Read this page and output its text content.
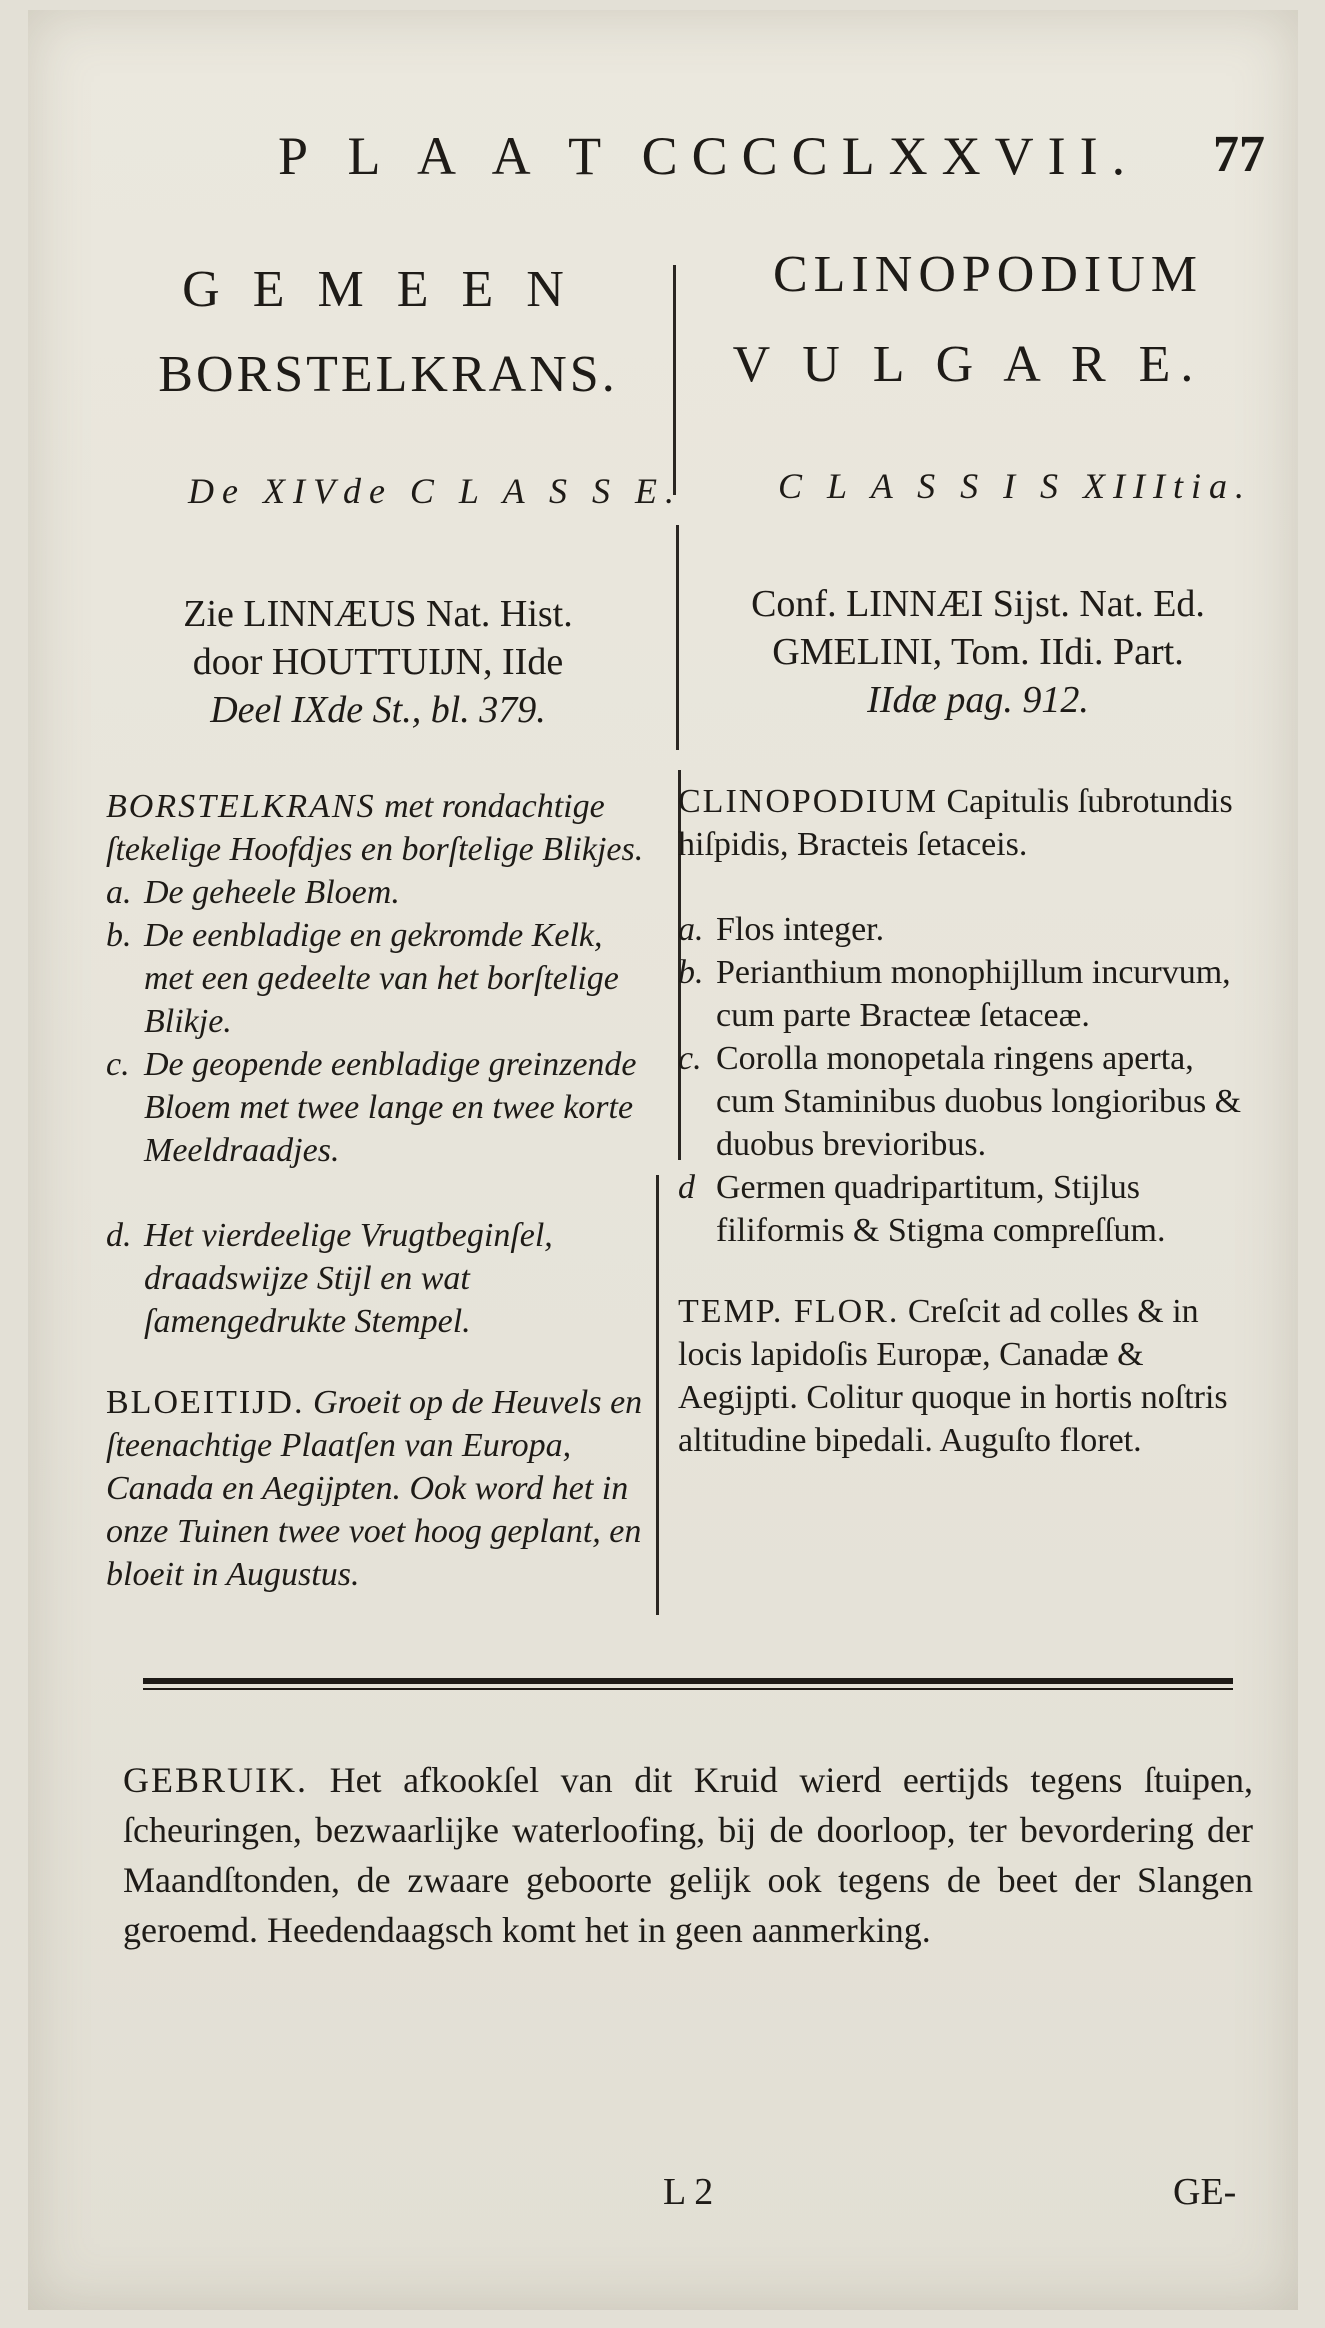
P L A A T CCCCLXXVII. 77
G E M E E N
BORSTELKRANS.
De XIVde C L A S S E.
Zie LINNÆUS Nat. Hist.
door HOUTTUIJN, IIde
Deel IXde St., bl. 379.
BORSTELKRANS met rondachtige ſtekelige Hoofdjes en borſtelige Blikjes.
a. De geheele Bloem.
b. De eenbladige en gekromde Kelk, met een gedeelte van het borſtelige Blikje.
c. De geopende eenbladige greinzende Bloem met twee lange en twee korte Meeldraadjes.
d. Het vierdeelige Vrugtbeginſel, draadswijze Stijl en wat ſamengedrukte Stempel.
BLOEITIJD. Groeit op de Heuvels en ſteenachtige Plaatſen van Europa, Canada en Aegijpten. Ook word het in onze Tuinen twee voet hoog geplant, en bloeit in Augustus.
CLINOPODIUM
V U L G A R E.
C L A S S I S XIIItia.
Conf. LINNÆI Sijst. Nat. Ed.
GMELINI, Tom. IIdi. Part.
IIdæ pag. 912.
CLINOPODIUM Capitulis ſubrotundis hiſpidis, Bracteis ſetaceis.
a. Flos integer.
b. Perianthium monophijllum incurvum, cum parte Bracteæ ſetaceæ.
c. Corolla monopetala ringens aperta, cum Staminibus duobus longioribus & duobus brevioribus.
d Germen quadripartitum, Stijlus filiformis & Stigma compreſſum.
TEMP. FLOR. Creſcit ad colles & in locis lapidoſis Europæ, Canadæ & Aegijpti. Colitur quoque in hortis noſtris altitudine bipedali. Auguſto floret.
GEBRUIK. Het afkookſel van dit Kruid wierd eertijds tegens ſtuipen, ſcheuringen, bezwaarlijke waterloofing, bij de doorloop, ter bevordering der Maandſtonden, de zwaare geboorte gelijk ook tegens de beet der Slangen geroemd. Heedendaagsch komt het in geen aanmerking.
L 2	GE-
